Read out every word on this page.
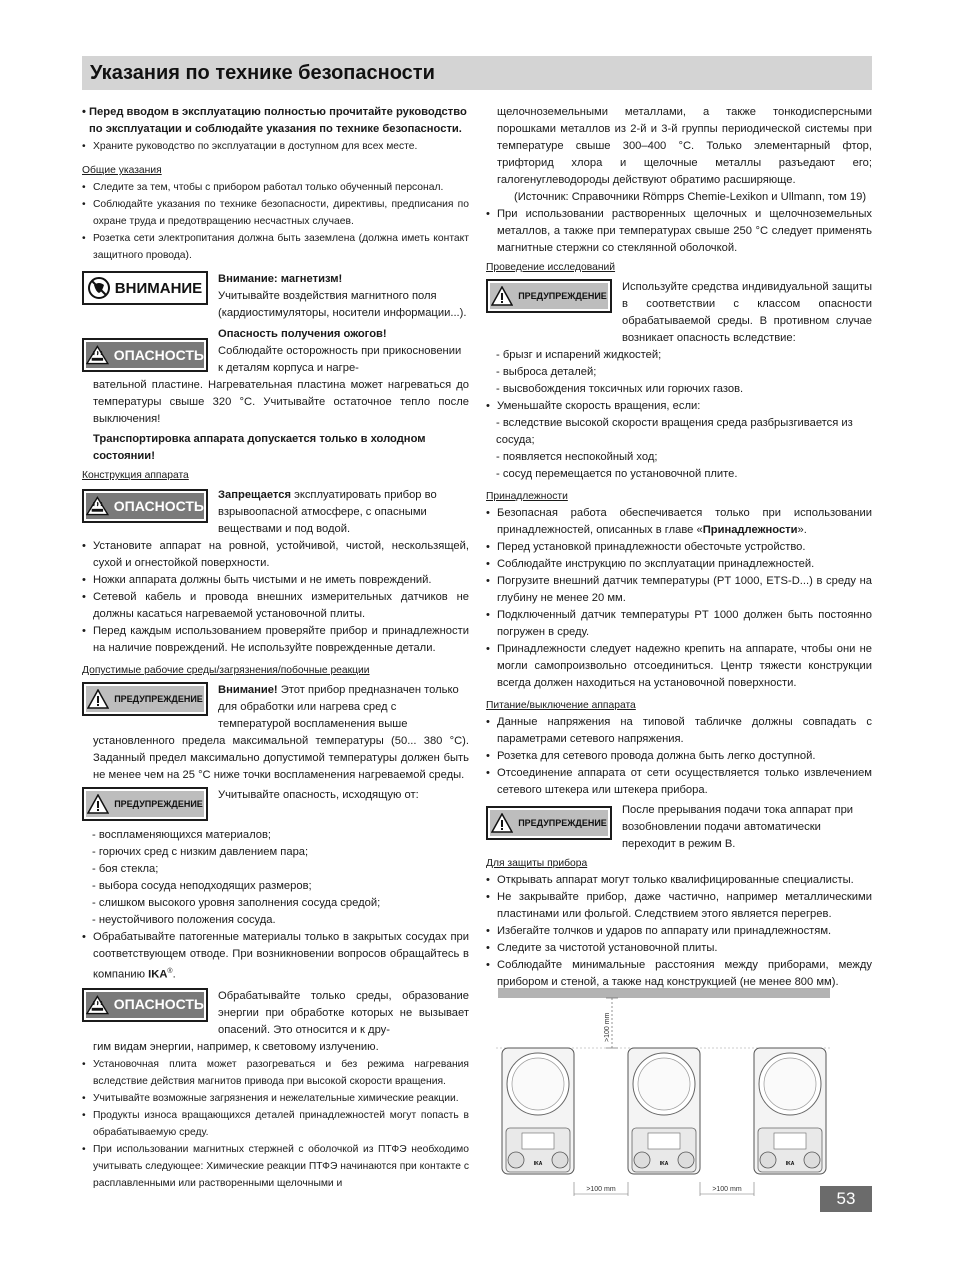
Указания по технике безопасности

• Перед вводом в эксплуатацию полностью прочитайте руководство по эксплуатации и соблюдайте указания по технике безопасности.

• Храните руководство по эксплуатации в доступном для всех месте.

Общие указания

• Следите за тем, чтобы с прибором работал только обученный персонал.
• Соблюдайте указания по технике безопасности, директивы, предписания по охране труда и предотвращению несчастных случаев.
• Розетка сети электропитания должна быть заземлена (должна иметь контакт защитного провода).
ВНИМАНИЕ

Внимание: магнетизм!

Учитывайте воздействия магнитного поля (кардиостимуляторы, носители информации...).

ОПАСНОСТЬ

Опасность получения ожогов!

Соблюдайте осторожность при прикосновении к деталям корпуса и нагре-

вательной пластине. Нагревательная пластина может нагреваться до температуры свыше 320 °C. Учитывайте остаточное тепло после выключения!

Транспортировка аппарата допускается только в холодном состоянии!

Конструкция аппарата

ОПАСНОСТЬ

Запрещается эксплуатировать прибор во взрывоопасной атмосфере, с опасными веществами и под водой.

• Установите аппарат на ровной, устойчивой, чистой, нескользящей, сухой и огнестойкой поверхности.
• Ножки аппарата должны быть чистыми и не иметь повреждений.
• Сетевой кабель и провода внешних измерительных датчиков не должны касаться нагреваемой установочной плиты.
• Перед каждым использованием проверяйте прибор и принадлежности на наличие повреждений. Не используйте поврежденные детали.

Допустимые рабочие среды/загрязнения/побочные реакции

ПРЕДУПРЕЖДЕНИЕ

Внимание! Этот прибор предназначен только для обработки или нагрева сред с температурой воспламенения выше

установленного предела максимальной температуры (50... 380 °C). Заданный предел максимально допустимой температуры должен быть не менее чем на 25 °C ниже точки воспламенения нагреваемой среды.

ПРЕДУПРЕЖДЕНИЕ

Учитывайте опасность, исходящую от:

- воспламеняющихся материалов;

- горючих сред с низким давлением пара;

- боя стекла;

- выбора сосуда неподходящих размеров;

- слишком высокого уровня заполнения сосуда средой;

- неустойчивого положения сосуда.

• Обрабатывайте патогенные материалы только в закрытых сосудах при соответствующем отводе. При возникновении вопросов обращайтесь в компанию IKA®.
ОПАСНОСТЬ

Обрабатывайте только среды, образование энергии при обработке которых не вызывает опасений. Это относится и к дру-

гим видам энергии, например, к световому излучению.

• Установочная плита может разогреваться и без режима нагревания вследствие действия магнитов привода при высокой скорости вращения.
• Учитывайте возможные загрязнения и нежелательные химические реакции.
• Продукты износа вращающихся деталей принадлежностей могут попасть в обрабатываемую среду.
• При использовании магнитных стержней с оболочкой из ПТФЭ необходимо учитывать следующее: Химические реакции ПТФЭ начинаются при контакте с расплавленными или растворенными щелочными и

щелочноземельными металлами, а также тонкодисперсными порошками металлов из 2-й и 3-й группы периодической системы при температуре свыше 300–400 °C. Только элементарный фтор, трифторид хлора и щелочные металлы разъедают его; галогенуглеводороды действуют обратимо расширяюще.

(Источник: Справочники Römpps Chemie-Lexikon и Ullmann, том 19)

• При использовании растворенных щелочных и щелочноземельных металлов, а также при температурах свыше 250 °C следует применять магнитные стержни со стеклянной оболочкой.

Проведение исследований

ПРЕДУПРЕЖДЕНИЕ

Используйте средства индивидуальной защиты в соответствии с классом опасности обрабатываемой среды. В противном случае возникает опасность вследствие:

- брызг и испарений жидкостей;

- выброса деталей;

- высвобождения токсичных или горючих газов.

• Уменьшайте скорость вращения, если:

- вследствие высокой скорости вращения среда разбрызгивается из сосуда;

- появляется неспокойный ход;

- сосуд перемещается по установочной плите.

Принадлежности

• Безопасная работа обеспечивается только при использовании принадлежностей, описанных в главе «Принадлежности».
• Перед установкой принадлежности обесточьте устройство.
• Соблюдайте инструкцию по эксплуатации принадлежностей.
• Погрузите внешний датчик температуры (PT 1000, ETS-D...) в среду на глубину не менее 20 мм.
• Подключенный датчик температуры PT 1000 должен быть постоянно погружен в среду.
• Принадлежности следует надежно крепить на аппарате, чтобы они не могли самопроизвольно отсоединиться. Центр тяжести конструкции всегда должен находиться на установочной поверхности.

Питание/выключение аппарата

• Данные напряжения на типовой табличке должны совпадать с параметрами сетевого напряжения.
• Розетка для сетевого провода должна быть легко доступной.
• Отсоединение аппарата от сети осуществляется только извлечением сетевого штекера или штекера прибора.
ПРЕДУПРЕЖДЕНИЕ

После прерывания подачи тока аппарат при возобновлении подачи автоматически переходит в режим B.

Для защиты прибора

• Открывать аппарат могут только квалифицированные специалисты.
• Не закрывайте прибор, даже частично, например металлическими пластинами или фольгой. Следствием этого является перегрев.
• Избегайте толчков и ударов по аппарату или принадлежностям.
• Следите за чистотой установочной плиты.
• Соблюдайте минимальные расстояния между приборами, между прибором и стеной, а также над конструкцией (не менее 800 мм).
>100 mm
IKA	IKA	IKA
>100 mm	>100 mm	53
